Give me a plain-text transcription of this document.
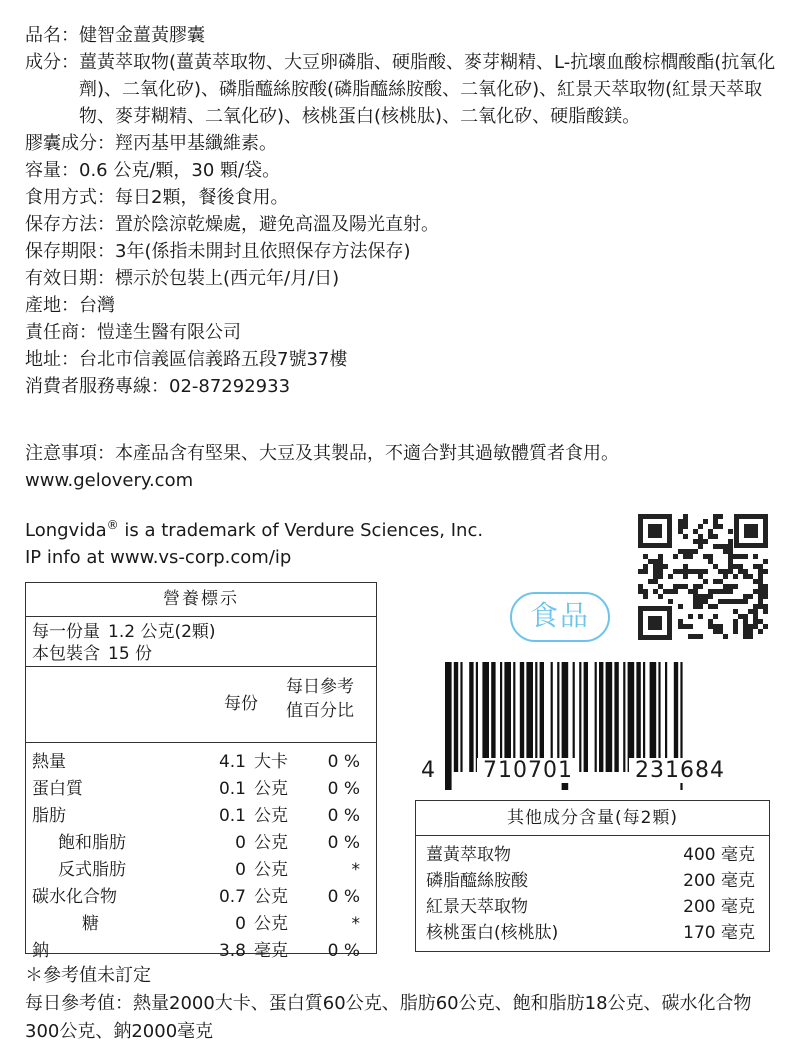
品名： 健智金薑黃膠囊
成分： 薑黃萃取物(薑黃萃取物、大豆卵磷脂、硬脂酸、麥芽糊精、L-抗壞血酸棕櫚酸酯(抗氧化劑)、二氧化矽)、磷脂醯絲胺酸(磷脂醯絲胺酸、二氧化矽)、紅景天萃取物(紅景天萃取物、麥芽糊精、二氧化矽)、核桃蛋白(核桃肽)、二氧化矽、硬脂酸鎂。
膠囊成分：羥丙基甲基纖維素。
容量：0.6 公克/顆，30 顆/袋。
食用方式：每日2顆，餐後食用。
保存方法：置於陰涼乾燥處，避免高溫及陽光直射。
保存期限：3年(係指未開封且依照保存方法保存)
有效日期：標示於包裝上(西元年/月/日)
產地：台灣
責任商：愷達生醫有限公司
地址：台北市信義區信義路五段7號37樓
消費者服務專線：02-87292933
注意事項：本產品含有堅果、大豆及其製品，不適合對其過敏體質者食用。
www.gelovery.com
Longvida® is a trademark of Verdure Sciences, Inc.
IP info at www.vs-corp.com/ip
營養標示
每一份量 1.2 公克(2顆)
本包裝含 15 份
每份
每日參考
值百分比
熱量	4.1 大卡	0 %
蛋白質	0.1 公克	0 %
脂肪	0.1 公克	0 %
飽和脂肪	0 公克	0 %
反式脂肪	0 公克	*
碳水化合物	0.7 公克	0 %
糖	0 公克	*
鈉	3.8 毫克	0 %
食品
4 710701	231684
其他成分含量(每2顆)
薑黃萃取物	400 毫克
磷脂醯絲胺酸	200 毫克
紅景天萃取物	200 毫克
核桃蛋白(核桃肽)	170 毫克
＊參考值未訂定
每日參考值：熱量2000大卡、蛋白質60公克、脂肪60公克、飽和脂肪18公克、碳水化合物300公克、鈉2000毫克
